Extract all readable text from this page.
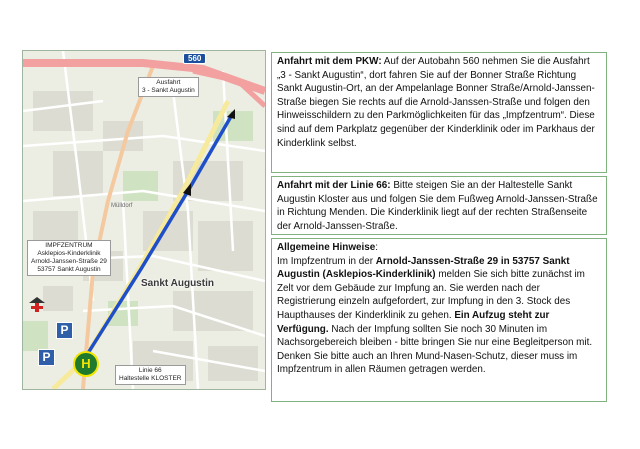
560
Ausfahrt
3 - Sankt Augustin
Mülldorf
Sankt Augustin
IMPFZENTRUM
Asklepios-Kinderklinik
Arnold-Janssen-Straße 29
53757 Sankt Augustin
P
P	H	Linie 66
Haltestelle KLOSTER
Anfahrt mit dem PKW: Auf der Autobahn 560 nehmen Sie die Ausfahrt „3 - Sankt Augustin“, dort fahren Sie auf der Bonner Straße Richtung Sankt Augustin-Ort, an der Ampelanlage Bonner Straße/Arnold-Janssen-Straße biegen Sie rechts auf die Arnold-Janssen-Straße und folgen den Hinweisschildern zu den Parkmöglichkeiten für das „Impfzentrum“. Diese sind auf dem Parkplatz gegenüber der Kinderklinik oder im Parkhaus der Kinderklink selbst.
Anfahrt mit der Linie 66: Bitte steigen Sie an der Haltestelle Sankt Augustin Kloster aus und folgen Sie dem Fußweg Arnold-Janssen-Straße in Richtung Menden. Die Kinderklinik liegt auf der rechten Straßenseite der Arnold-Janssen-Straße.
Allgemeine Hinweise:
Im Impfzentrum in der Arnold-Janssen-Straße 29 in 53757 Sankt Augustin (Asklepios-Kinderklinik) melden Sie sich bitte zunächst im Zelt vor dem Gebäude zur Impfung an. Sie werden nach der Registrierung einzeln aufgefordert, zur Impfung in den 3. Stock des Haupthauses der Kinderklinik zu gehen. Ein Aufzug steht zur Verfügung. Nach der Impfung sollten Sie noch 30 Minuten im Nachsorgebereich bleiben - bitte bringen Sie nur eine Begleitperson mit. Denken Sie bitte auch an Ihren Mund-Nasen-Schutz, dieser muss im Impfzentrum in allen Räumen getragen werden.
